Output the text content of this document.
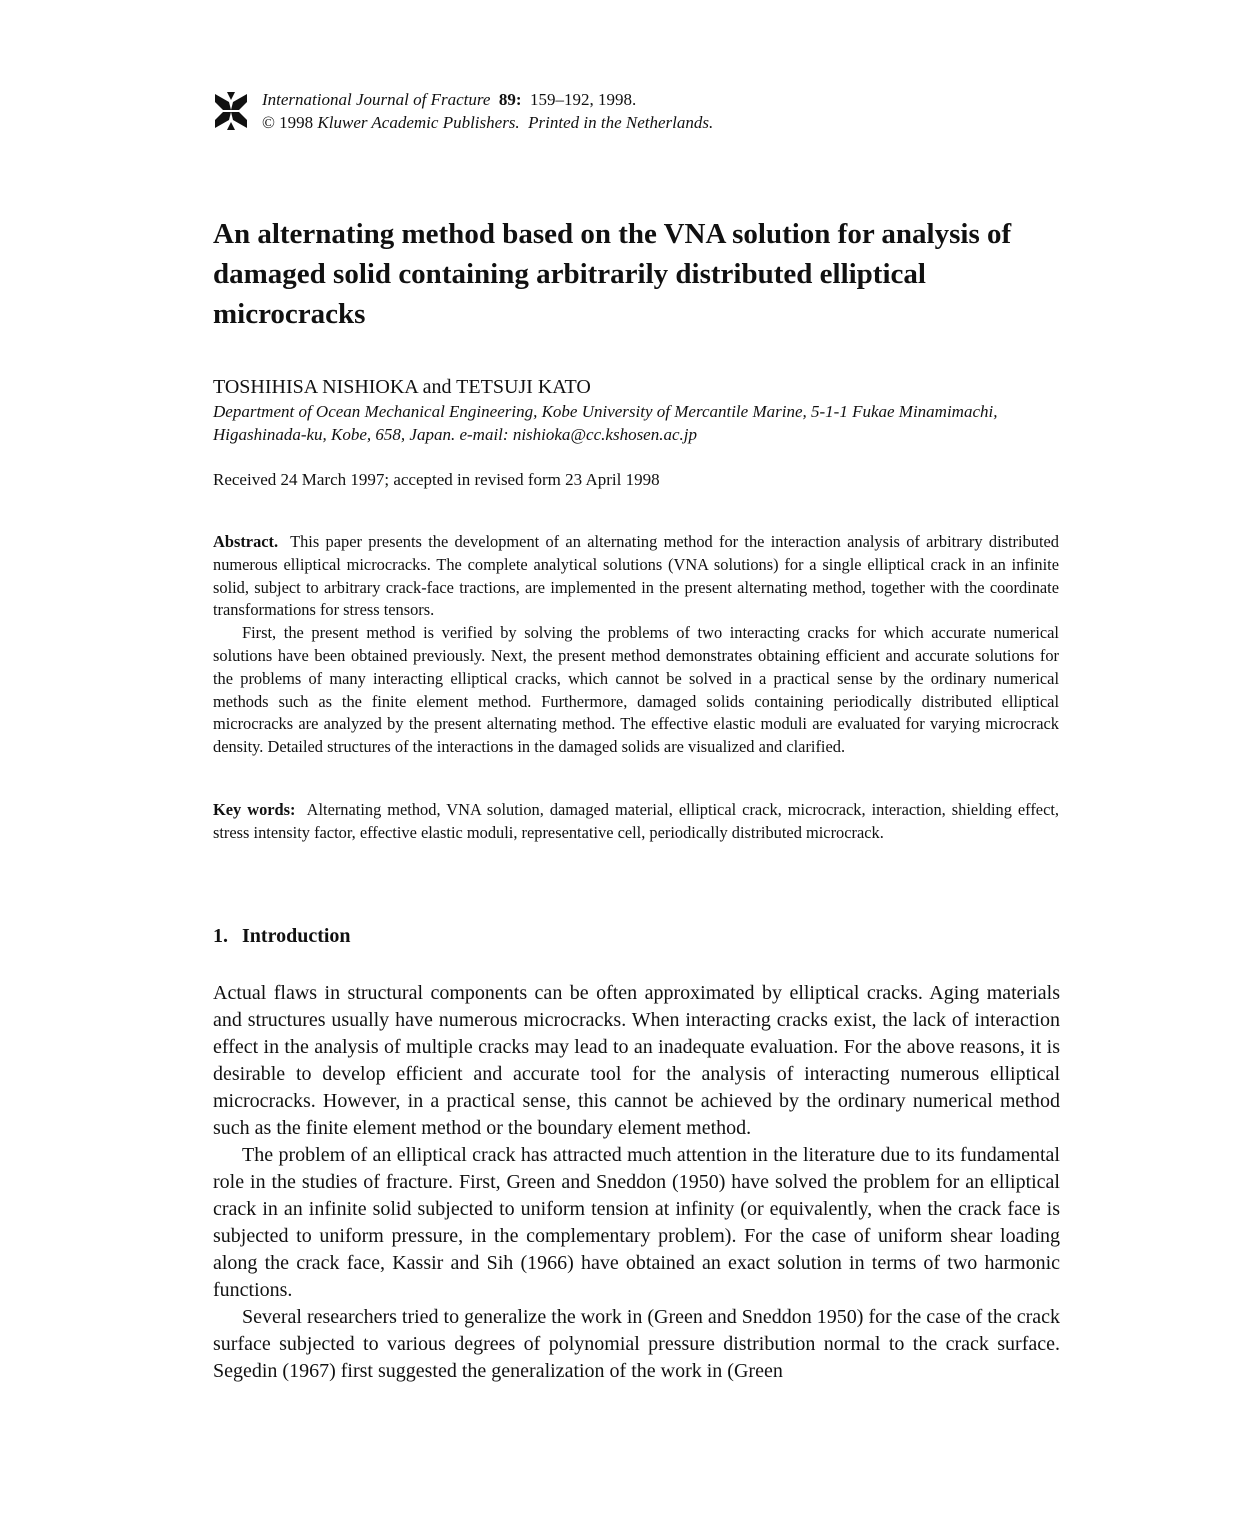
International Journal of Fracture 89: 159–192, 1998.
© 1998 Kluwer Academic Publishers. Printed in the Netherlands.
An alternating method based on the VNA solution for analysis of damaged solid containing arbitrarily distributed elliptical microcracks
TOSHIHISA NISHIOKA and TETSUJI KATO
Department of Ocean Mechanical Engineering, Kobe University of Mercantile Marine, 5-1-1 Fukae Minamimachi, Higashinada-ku, Kobe, 658, Japan. e-mail: nishioka@cc.kshosen.ac.jp
Received 24 March 1997; accepted in revised form 23 April 1998

Abstract. This paper presents the development of an alternating method for the interaction analysis of arbitrary distributed numerous elliptical microcracks. The complete analytical solutions (VNA solutions) for a single elliptical crack in an infinite solid, subject to arbitrary crack-face tractions, are implemented in the present alternating method, together with the coordinate transformations for stress tensors.

First, the present method is verified by solving the problems of two interacting cracks for which accurate numerical solutions have been obtained previously. Next, the present method demonstrates obtaining efficient and accurate solutions for the problems of many interacting elliptical cracks, which cannot be solved in a practical sense by the ordinary numerical methods such as the finite element method. Furthermore, damaged solids containing periodically distributed elliptical microcracks are analyzed by the present alternating method. The effective elastic moduli are evaluated for varying microcrack density. Detailed structures of the interactions in the damaged solids are visualized and clarified.

Key words: Alternating method, VNA solution, damaged material, elliptical crack, microcrack, interaction, shielding effect, stress intensity factor, effective elastic moduli, representative cell, periodically distributed microcrack.
1. Introduction

Actual flaws in structural components can be often approximated by elliptical cracks. Aging materials and structures usually have numerous microcracks. When interacting cracks exist, the lack of interaction effect in the analysis of multiple cracks may lead to an inadequate evaluation. For the above reasons, it is desirable to develop efficient and accurate tool for the analysis of interacting numerous elliptical microcracks. However, in a practical sense, this cannot be achieved by the ordinary numerical method such as the finite element method or the boundary element method.

The problem of an elliptical crack has attracted much attention in the literature due to its fundamental role in the studies of fracture. First, Green and Sneddon (1950) have solved the problem for an elliptical crack in an infinite solid subjected to uniform tension at infinity (or equivalently, when the crack face is subjected to uniform pressure, in the complementary problem). For the case of uniform shear loading along the crack face, Kassir and Sih (1966) have obtained an exact solution in terms of two harmonic functions.

Several researchers tried to generalize the work in (Green and Sneddon 1950) for the case of the crack surface subjected to various degrees of polynomial pressure distribution normal to the crack surface. Segedin (1967) first suggested the generalization of the work in (Green
